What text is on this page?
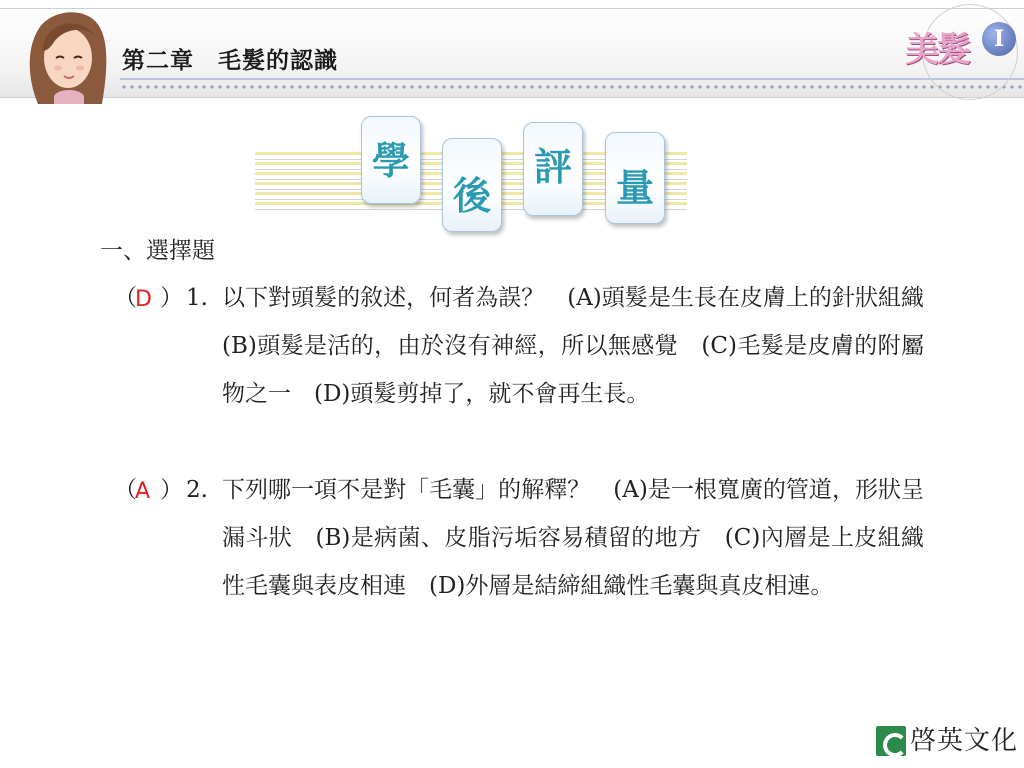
第二章　毛髮的認識	美髮	I
學
後
評 量
一、選擇題
（
D ） 1. 以下對頭髮的敘述，何者為誤？　(A)頭髮是生長在皮膚上的針狀組織　(B)頭髮是活的，由於沒有神經，所以無感覺　(C)毛髮是皮膚的附屬物之一　(D)頭髮剪掉了，就不會再生長。
（
A ） 2. 下列哪一項不是對「毛囊」的解釋？　(A)是一根寬廣的管道，形狀呈漏斗狀　(B)是病菌、皮脂污垢容易積留的地方　(C)內層是上皮組織性毛囊與表皮相連　(D)外層是結締組織性毛囊與真皮相連。
啓英文化
